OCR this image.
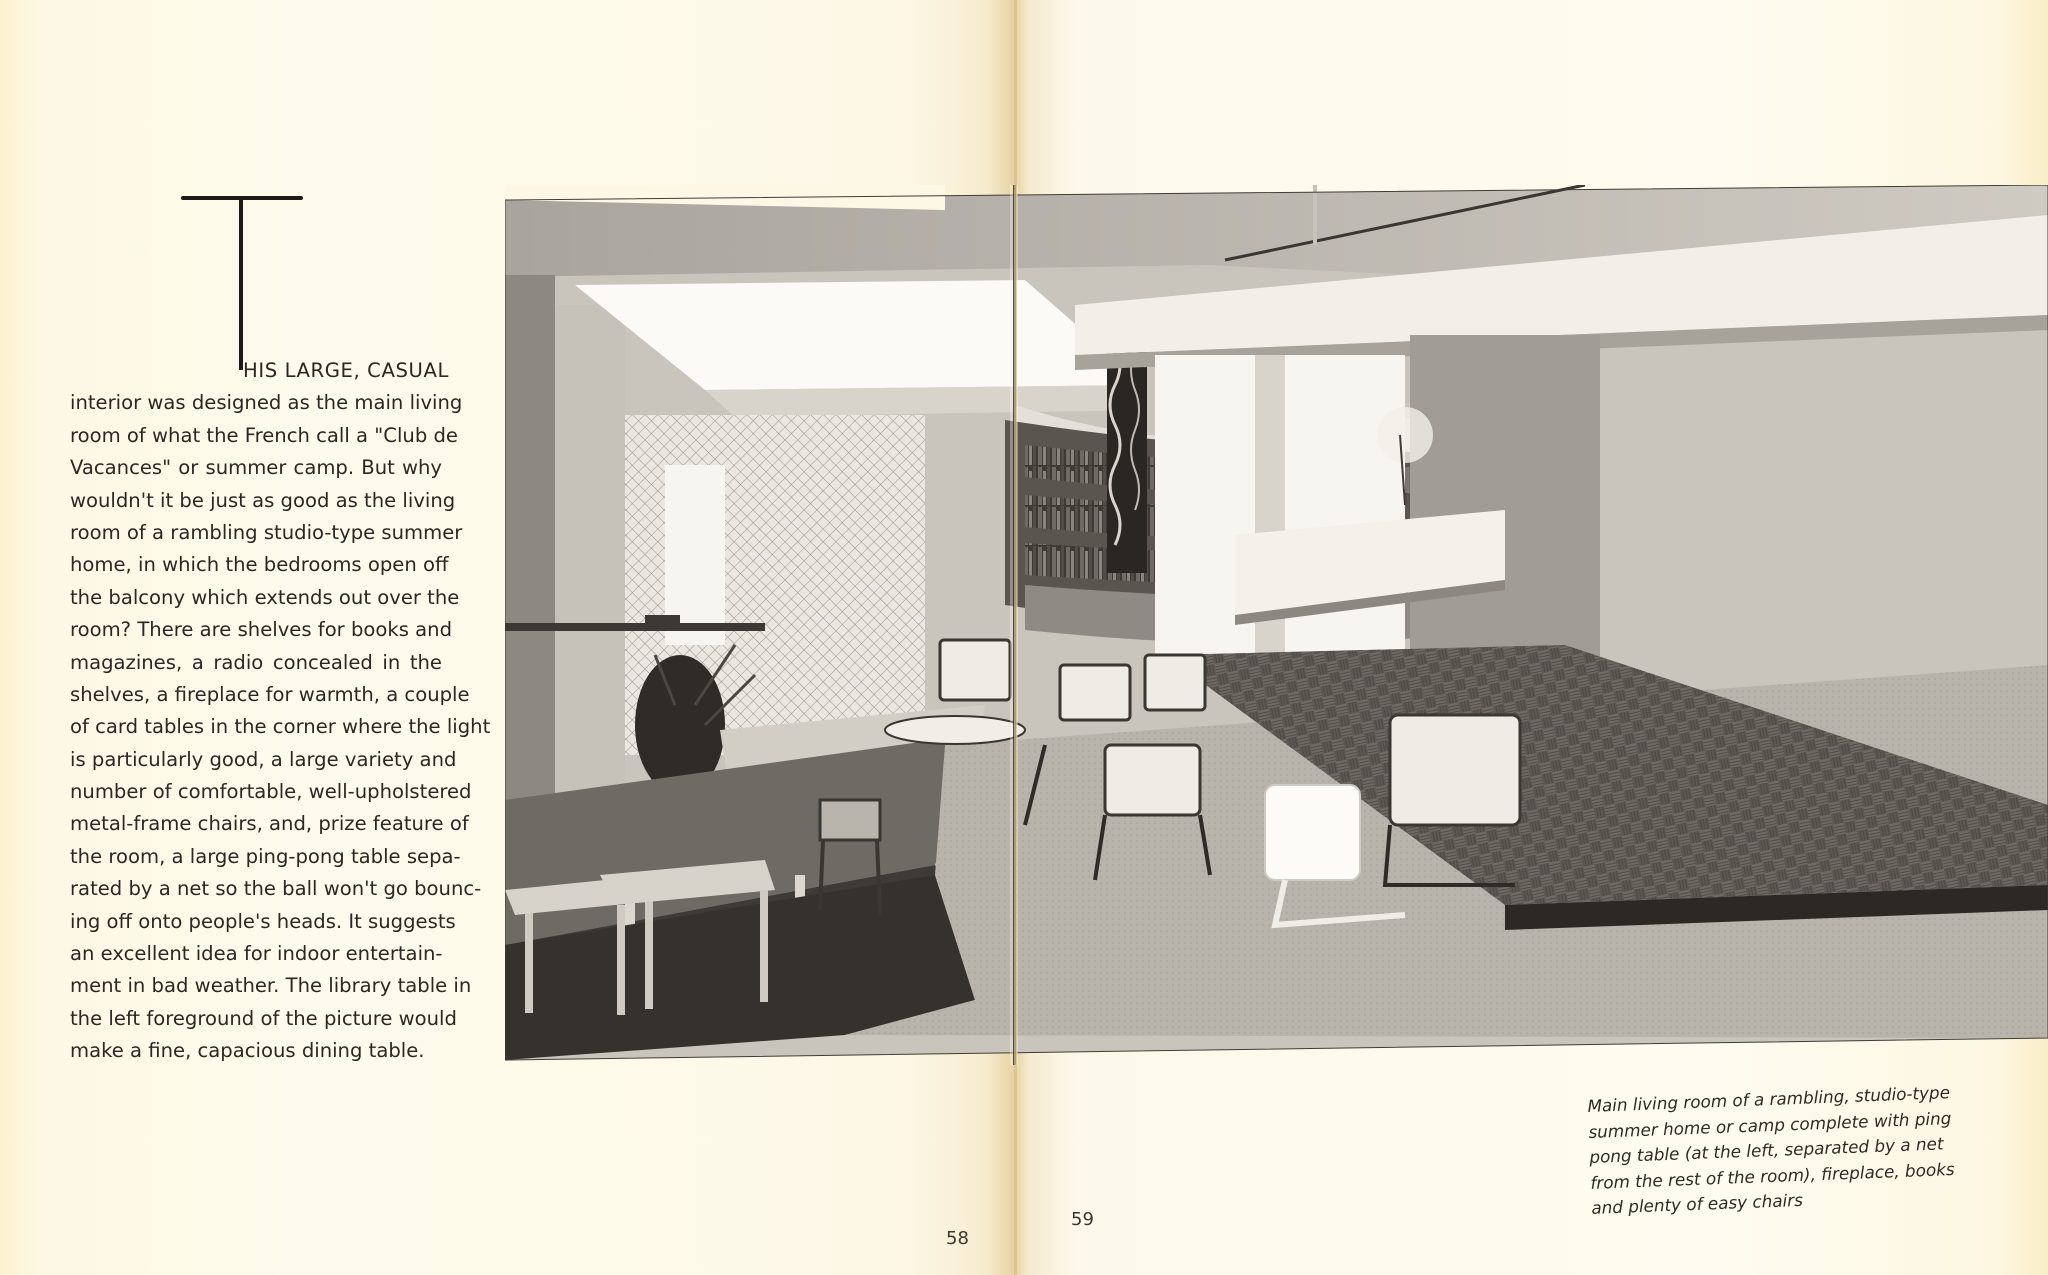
HIS LARGE, CASUAL
interior was designed as the main living
room of what the French call a "Club de
Vacances" or summer camp. But why
wouldn't it be just as good as the living
room of a rambling studio-type summer
home, in which the bedrooms open off
the balcony which extends out over the
room? There are shelves for books and
magazines, a radio concealed in the
shelves, a fireplace for warmth, a couple
of card tables in the corner where the light
is particularly good, a large variety and
number of comfortable, well-upholstered
metal-frame chairs, and, prize feature of
the room, a large ping-pong table sepa-
rated by a net so the ball won't go bounc-
ing off onto people's heads. It suggests
an excellent idea for indoor entertain-
ment in bad weather. The library table in
the left foreground of the picture would
make a fine, capacious dining table.
Main living room of a rambling, studio-type
summer home or camp complete with ping
pong table (at the left, separated by a net
from the rest of the room), fireplace, books
and plenty of easy chairs
58
59
